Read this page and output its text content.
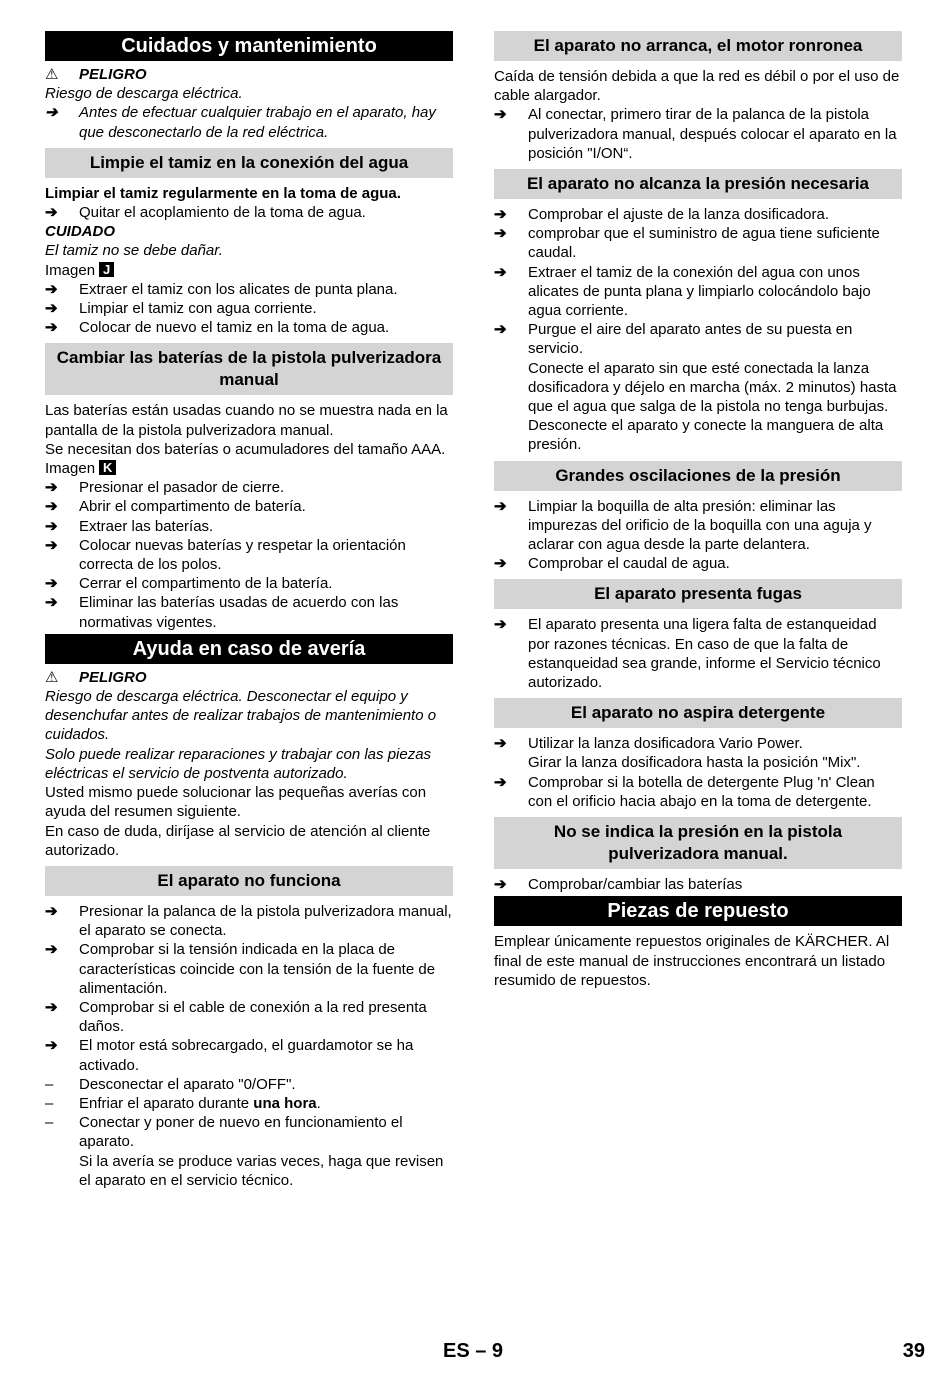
Cuidados y mantenimiento
⚠	PELIGRO

Riesgo de descarga eléctrica.

➔	Antes de efectuar cualquier trabajo en el aparato, hay que desconectarlo de la red eléctrica.
Limpie el tamiz en la conexión del agua

Limpiar el tamiz regularmente en la toma de agua.

➔	Quitar el acoplamiento de la toma de agua.

CUIDADO

El tamiz no se debe dañar.

Imagen J

➔	Extraer el tamiz con los alicates de punta plana.
➔	Limpiar el tamiz con agua corriente.
➔	Colocar de nuevo el tamiz en la toma de agua.
Cambiar las baterías de la pistola pulverizadora manual

Las baterías están usadas cuando no se muestra nada en la pantalla de la pistola pulverizadora manual.

Se necesitan dos baterías o acumuladores del tamaño AAA.

Imagen K

➔	Presionar el pasador de cierre.
➔	Abrir el compartimento de batería.
➔	Extraer las baterías.
➔	Colocar nuevas baterías y respetar la orientación correcta de los polos.
➔	Cerrar el compartimento de la batería.
➔	Eliminar las baterías usadas de acuerdo con las normativas vigentes.
Ayuda en caso de avería
⚠	PELIGRO

Riesgo de descarga eléctrica. Desconectar el equipo y desenchufar antes de realizar trabajos de mantenimiento o cuidados.

Solo puede realizar reparaciones y trabajar con las piezas eléctricas el servicio de postventa autorizado.

Usted mismo puede solucionar las pequeñas averías con ayuda del resumen siguiente.

En caso de duda, diríjase al servicio de atención al cliente autorizado.

El aparato no funciona
➔	Presionar la palanca de la pistola pulverizadora manual, el aparato se conecta.
➔	Comprobar si la tensión indicada en la placa de características coincide con la tensión de la fuente de alimentación.
➔	Comprobar si el cable de conexión a la red presenta daños.
➔	El motor está sobrecargado, el guardamotor se ha activado.
–	Desconectar el aparato "0/OFF".
–	Enfriar el aparato durante una hora.
–	Conectar y poner de nuevo en funcionamiento el aparato.

Si la avería se produce varias veces, haga que revisen el aparato en el servicio técnico.

El aparato no arranca, el motor ronronea

Caída de tensión debida a que la red es débil o por el uso de cable alargador.

➔	Al conectar, primero tirar de la palanca de la pistola pulverizadora manual, después colocar el aparato en la posición "I/ON“.
El aparato no alcanza la presión necesaria
➔	Comprobar el ajuste de la lanza dosificadora.
➔	comprobar que el suministro de agua tiene suficiente caudal.
➔	Extraer el tamiz de la conexión del agua con unos alicates de punta plana y limpiarlo colocándolo bajo agua corriente.
➔	Purgue el aire del aparato antes de su puesta en servicio.

Conecte el aparato sin que esté conectada la lanza dosificadora y déjelo en marcha (máx. 2 minutos) hasta que el agua que salga de la pistola no tenga burbujas. Desconecte el aparato y conecte la manguera de alta presión.

Grandes oscilaciones de la presión
➔	Limpiar la boquilla de alta presión: eliminar las impurezas del orificio de la boquilla con una aguja y aclarar con agua desde la parte delantera.
➔	Comprobar el caudal de agua.
El aparato presenta fugas
➔	El aparato presenta una ligera falta de estanqueidad por razones técnicas. En caso de que la falta de estanqueidad sea grande, informe el Servicio técnico autorizado.
El aparato no aspira detergente
➔	Utilizar la lanza dosificadora Vario Power.

Girar la lanza dosificadora hasta la posición "Mix".

➔	Comprobar si la botella de detergente Plug 'n' Clean con el orificio hacia abajo en la toma de detergente.
No se indica la presión en la pistola pulverizadora manual.
➔	Comprobar/cambiar las baterías
Piezas de repuesto

Emplear únicamente repuestos originales de KÄRCHER. Al final de este manual de instrucciones encontrará un listado resumido de repuestos.

ES – 9	39
